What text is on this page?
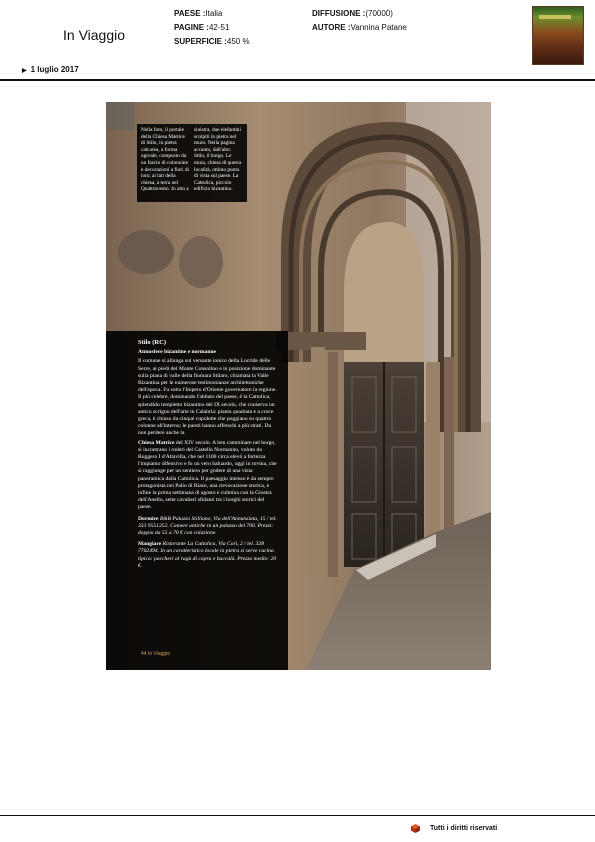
In Viaggio
PAESE :Italia
PAGINE :42-51
SUPERFICIE :450 %
DIFFUSIONE :(70000)
AUTORE :Vannina Patane
▶ 1 luglio 2017
Nella foto, il portale della Chiesa Matrice di Stilo, in pietra calcarea, a forma ogivale, composto da un fascio di colonnine e decorazioni a fiori di loto; ai lati della chiesa, a terra nel Quattrocento. In alto a sinistra, due elefantini scolpiti in pietra nel muro. Nella pagina accanto, dall'alto: Stilo, il borgo. Le mura, chiesa di questa località, ottimo punto di vista sul paese. La Cattolica, piccolo edificio bizantino.
Stilo (RC)

Atmosfere bizantine e normanne

Il comune si allunga sul versante ionico della Locride delle Serre, ai piedi del Monte Consolino e in posizione dominante sulla piana di valle della fiumara Stilaro, chiamata la Valle Bizantina per le numerose testimonianze architettoniche dell'epoca. Fu sotto l'Impero d'Oriente governatore la regione. Il più celebre, dominando l'abitato del paese, è la Cattolica, splendido tempietto bizantino del IX secolo, che conserva un antico scrigno dell'arte in Calabria: pianta quadrata e a croce greca, è chiuso da cinque cupolette che poggiano su quattro colonne all'interno; le pareti hanno affreschi a più strati. Da non perdere anche la

Chiesa Matrice del XIV secolo. A ben camminare nel borgo, si incontrano i ruderi del Castello Normanno, voluto da Ruggero I d'Altavilla, che nel 1100 circa elevò a fortezza l'impianto difensivo e fu un vero baluardo, oggi in rovina, che si raggiunge per un sentiero per godere di una vista panoramica dalla Cattolica. Il paesaggio intenso è da sempre protagonista nei Palio di Riace, una rievocazione storica, e infine la prima settimana di agosto e culmina con la Giostra dell'Anello, sette cavalieri sfidanti tra i borghi storici del paese.

Dormire B&B Palazzo Stilliano, Via dell'Annunziata, 15 / tel. 333 9551252. Camere antiche in un palazzo del 700. Prezzi: doppia da 55 a 70 € con colazione.

Mangiare Ristorante La Cattolica, Via Cori, 2 / tel. 328 7702494. In un caratteristico locale in pietra si serve cucina tipica: paccheri al ragù di capra e baccalà. Prezzo medio: 20 €.

44 In Viaggio
Tutti i diritti riservati
